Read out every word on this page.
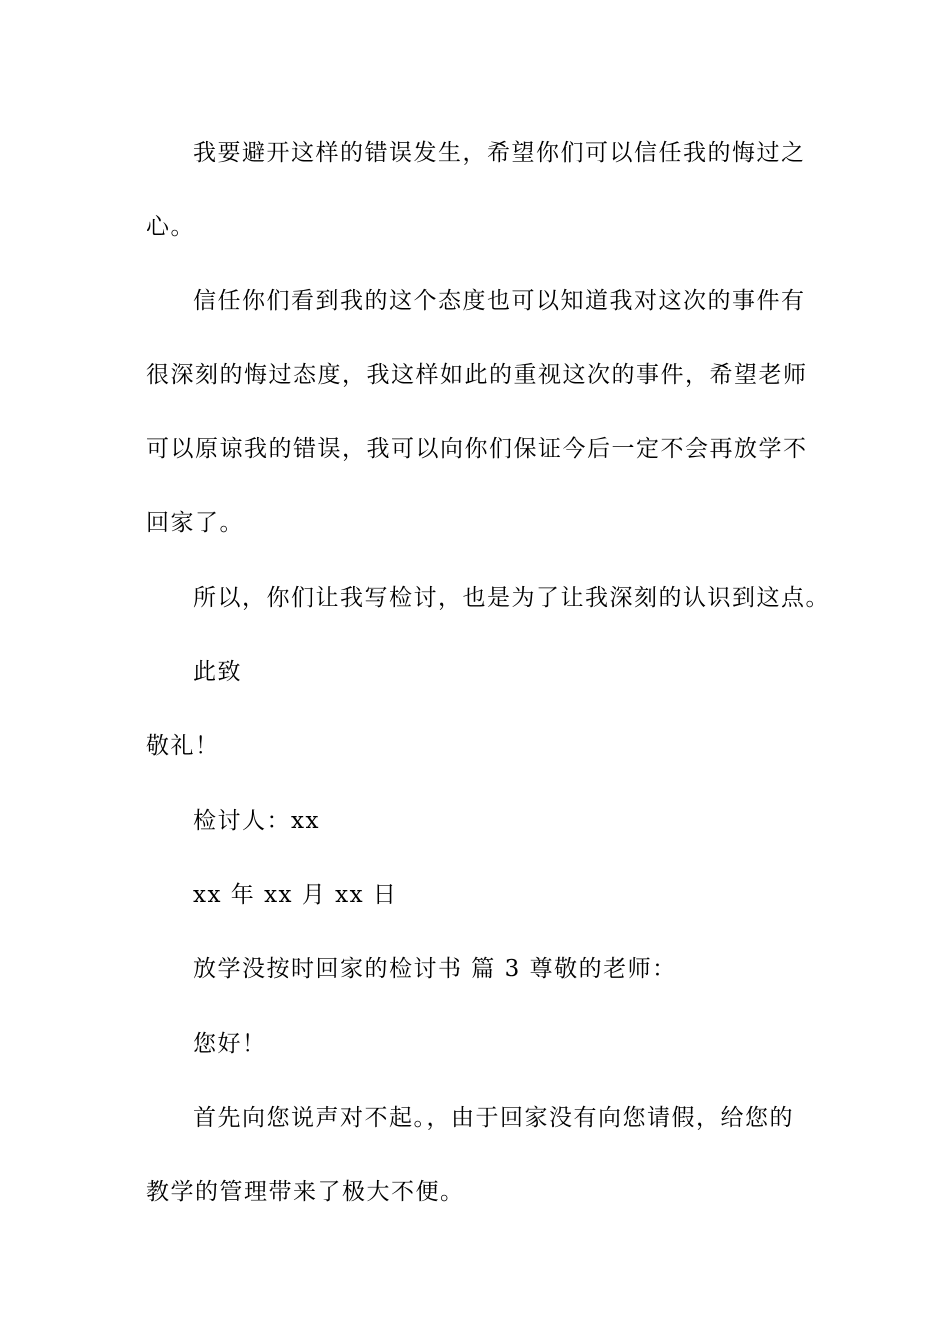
我要避开这样的错误发生，希望你们可以信任我的悔过之
心。
信任你们看到我的这个态度也可以知道我对这次的事件有
很深刻的悔过态度，我这样如此的重视这次的事件，希望老师
可以原谅我的错误，我可以向你们保证今后一定不会再放学不
回家了。
所以，你们让我写检讨，也是为了让我深刻的认识到这点。
此致
敬礼！
检讨人：xx
xx 年 xx 月 xx 日
放学没按时回家的检讨书 篇 3 尊敬的老师：
您好！
首先向您说声对不起。，由于回家没有向您请假，给您的
教学的管理带来了极大不便。
